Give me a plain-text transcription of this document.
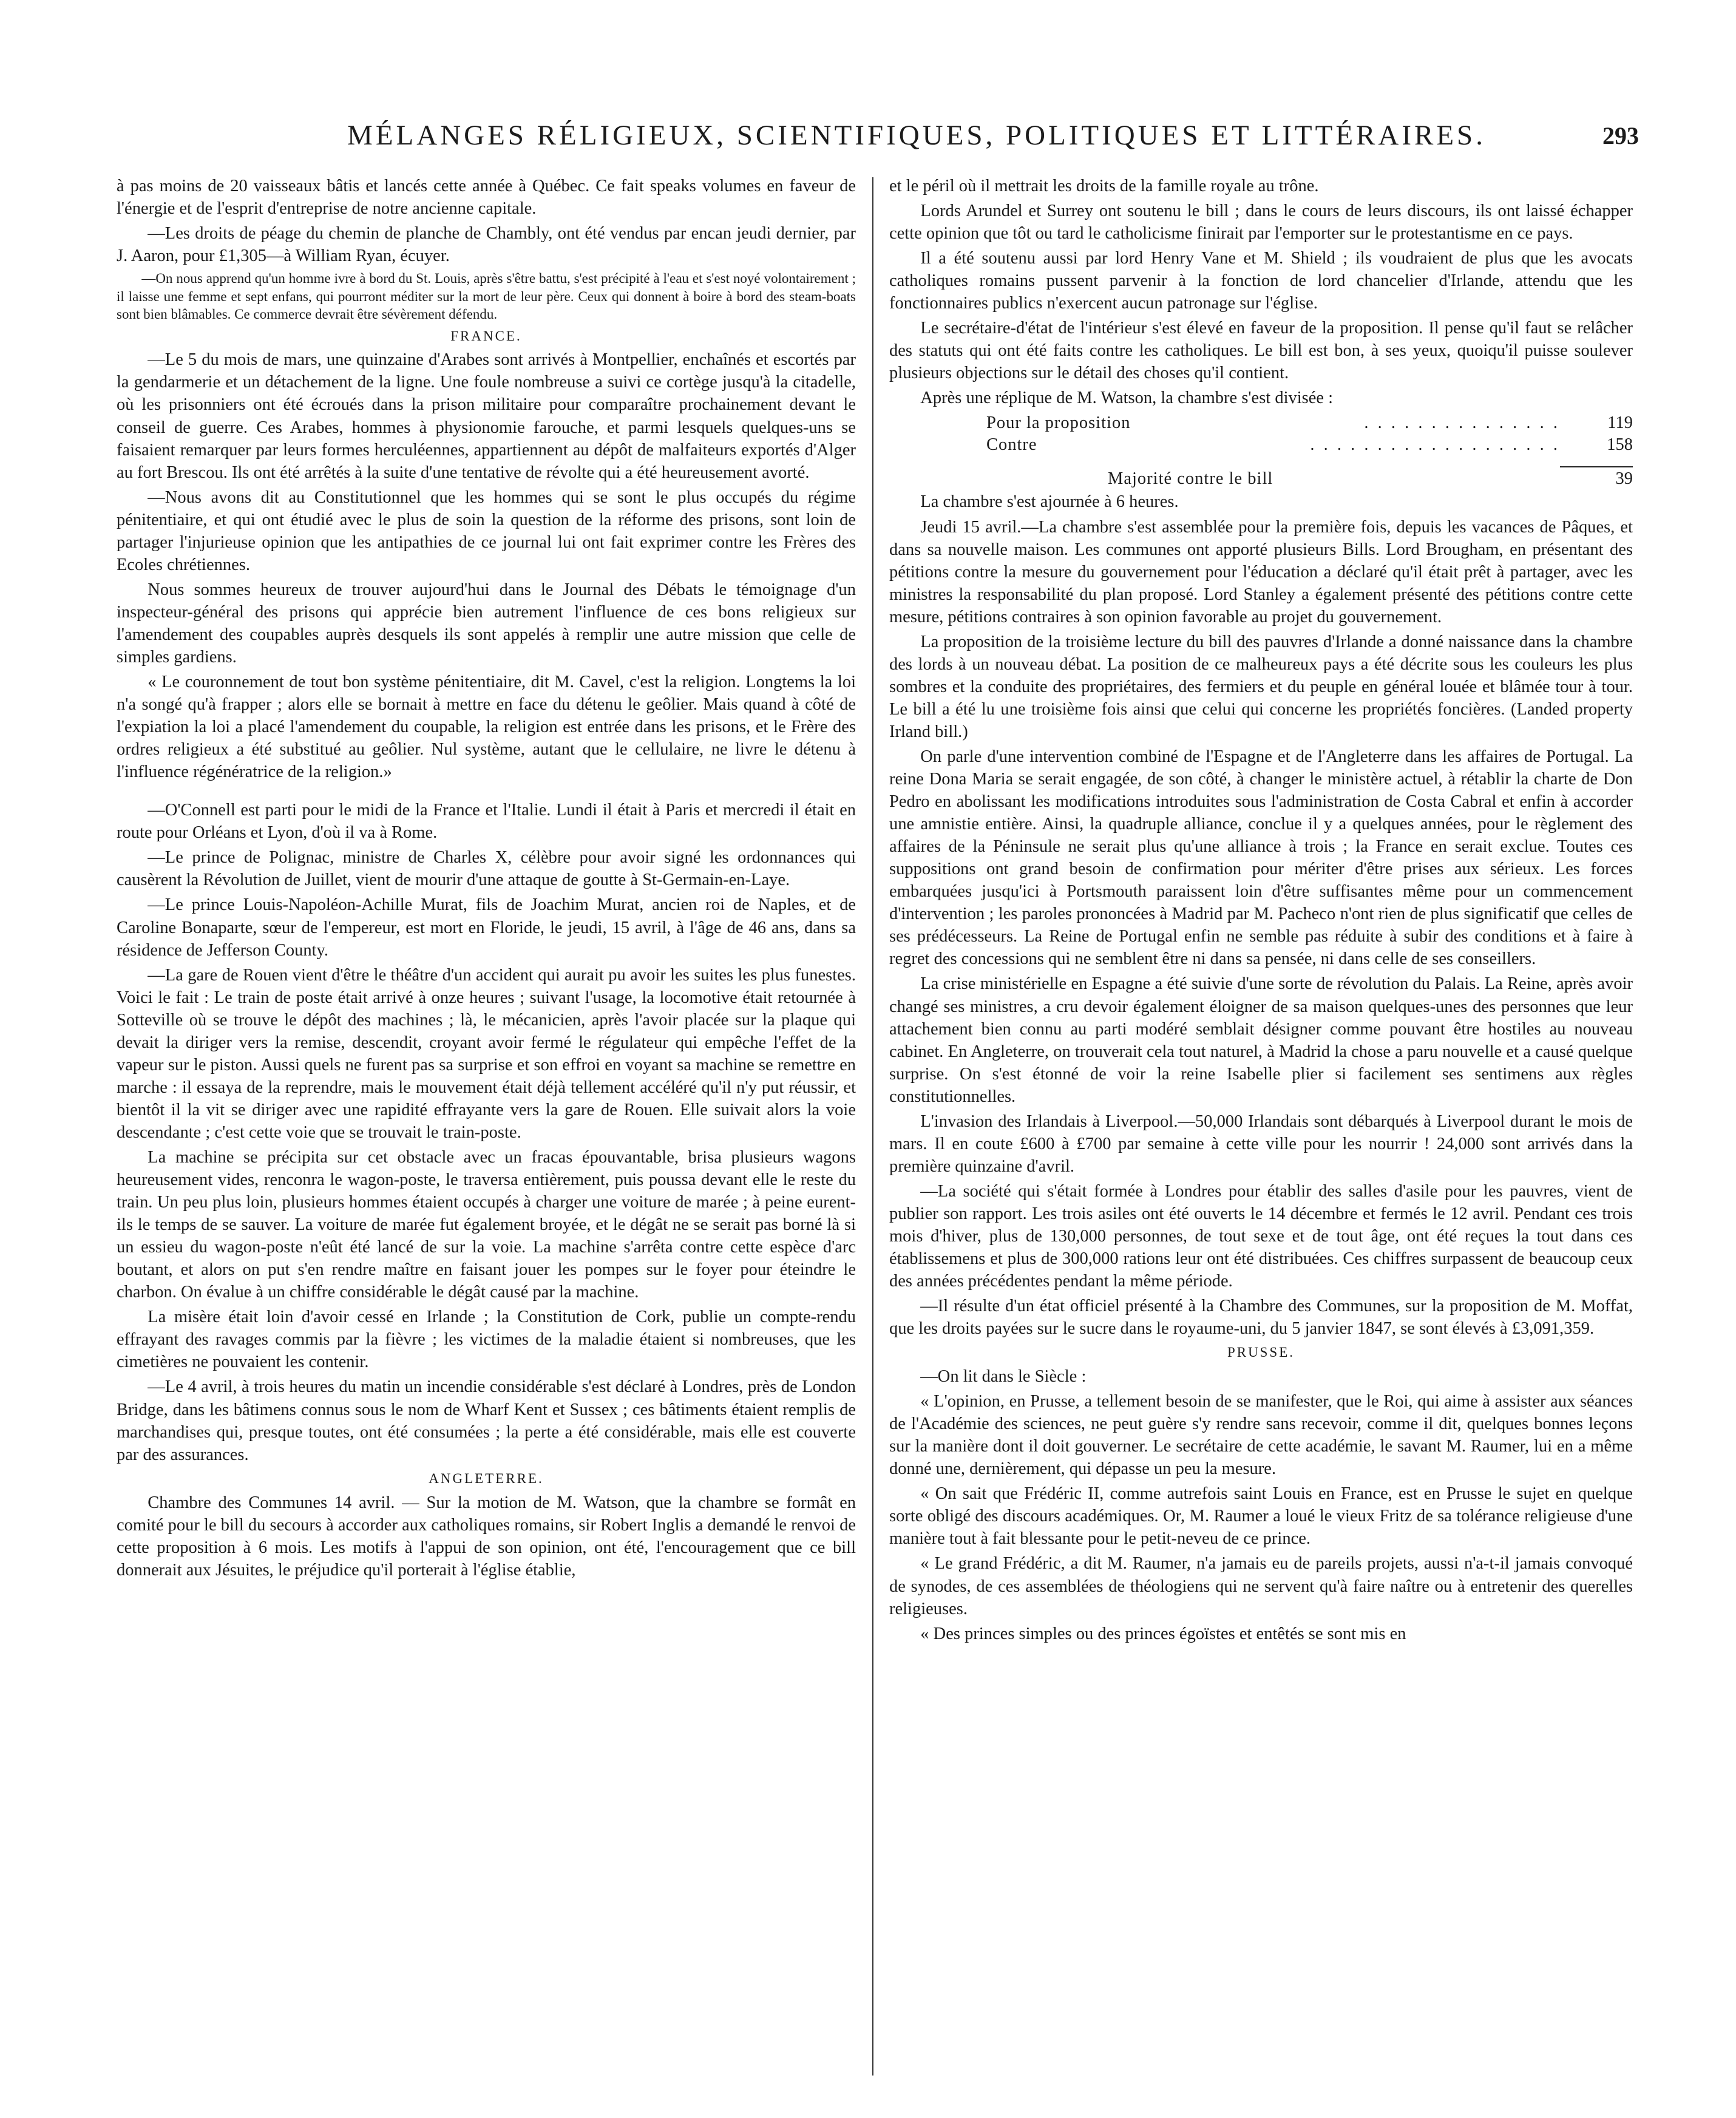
MÉLANGES RÉLIGIEUX, SCIENTIFIQUES, POLITIQUES ET LITTÉRAIRES.	293

à pas moins de 20 vaisseaux bâtis et lancés cette année à Québec. Ce fait speaks volumes en faveur de l'énergie et de l'esprit d'entreprise de notre ancienne capitale.

—Les droits de péage du chemin de planche de Chambly, ont été vendus par encan jeudi dernier, par J. Aaron, pour £1,305—à William Ryan, écuyer.

—On nous apprend qu'un homme ivre à bord du St. Louis, après s'être battu, s'est précipité à l'eau et s'est noyé volontairement ; il laisse une femme et sept enfans, qui pourront méditer sur la mort de leur père. Ceux qui donnent à boire à bord des steam-boats sont bien blâmables. Ce commerce devrait être sévèrement défendu.

FRANCE.

—Le 5 du mois de mars, une quinzaine d'Arabes sont arrivés à Montpellier, enchaînés et escortés par la gendarmerie et un détachement de la ligne. Une foule nombreuse a suivi ce cortège jusqu'à la citadelle, où les prisonniers ont été écroués dans la prison militaire pour comparaître prochainement devant le conseil de guerre. Ces Arabes, hommes à physionomie farouche, et parmi lesquels quelques-uns se faisaient remarquer par leurs formes herculéennes, appartiennent au dépôt de malfaiteurs exportés d'Alger au fort Brescou. Ils ont été arrêtés à la suite d'une tentative de révolte qui a été heureusement avorté.

—Nous avons dit au Constitutionnel que les hommes qui se sont le plus occupés du régime pénitentiaire, et qui ont étudié avec le plus de soin la question de la réforme des prisons, sont loin de partager l'injurieuse opinion que les antipathies de ce journal lui ont fait exprimer contre les Frères des Ecoles chrétiennes.

Nous sommes heureux de trouver aujourd'hui dans le Journal des Débats le témoignage d'un inspecteur-général des prisons qui apprécie bien autrement l'influence de ces bons religieux sur l'amendement des coupables auprès desquels ils sont appelés à remplir une autre mission que celle de simples gardiens.

« Le couronnement de tout bon système pénitentiaire, dit M. Cavel, c'est la religion. Longtems la loi n'a songé qu'à frapper ; alors elle se bornait à mettre en face du détenu le geôlier. Mais quand à côté de l'expiation la loi a placé l'amendement du coupable, la religion est entrée dans les prisons, et le Frère des ordres religieux a été substitué au geôlier. Nul système, autant que le cellulaire, ne livre le détenu à l'influence régénératrice de la religion.»

—O'Connell est parti pour le midi de la France et l'Italie. Lundi il était à Paris et mercredi il était en route pour Orléans et Lyon, d'où il va à Rome.

—Le prince de Polignac, ministre de Charles X, célèbre pour avoir signé les ordonnances qui causèrent la Révolution de Juillet, vient de mourir d'une attaque de goutte à St-Germain-en-Laye.

—Le prince Louis-Napoléon-Achille Murat, fils de Joachim Murat, ancien roi de Naples, et de Caroline Bonaparte, sœur de l'empereur, est mort en Floride, le jeudi, 15 avril, à l'âge de 46 ans, dans sa résidence de Jefferson County.

—La gare de Rouen vient d'être le théâtre d'un accident qui aurait pu avoir les suites les plus funestes. Voici le fait : Le train de poste était arrivé à onze heures ; suivant l'usage, la locomotive était retournée à Sotteville où se trouve le dépôt des machines ; là, le mécanicien, après l'avoir placée sur la plaque qui devait la diriger vers la remise, descendit, croyant avoir fermé le régulateur qui empêche l'effet de la vapeur sur le piston. Aussi quels ne furent pas sa surprise et son effroi en voyant sa machine se remettre en marche : il essaya de la reprendre, mais le mouvement était déjà tellement accéléré qu'il n'y put réussir, et bientôt il la vit se diriger avec une rapidité effrayante vers la gare de Rouen. Elle suivait alors la voie descendante ; c'est cette voie que se trouvait le train-poste.

La machine se précipita sur cet obstacle avec un fracas épouvantable, brisa plusieurs wagons heureusement vides, renconra le wagon-poste, le traversa entièrement, puis poussa devant elle le reste du train. Un peu plus loin, plusieurs hommes étaient occupés à charger une voiture de marée ; à peine eurent-ils le temps de se sauver. La voiture de marée fut également broyée, et le dégât ne se serait pas borné là si un essieu du wagon-poste n'eût été lancé de sur la voie. La machine s'arrêta contre cette espèce d'arc boutant, et alors on put s'en rendre maître en faisant jouer les pompes sur le foyer pour éteindre le charbon. On évalue à un chiffre considérable le dégât causé par la machine.

La misère était loin d'avoir cessé en Irlande ; la Constitution de Cork, publie un compte-rendu effrayant des ravages commis par la fièvre ; les victimes de la maladie étaient si nombreuses, que les cimetières ne pouvaient les contenir.

—Le 4 avril, à trois heures du matin un incendie considérable s'est déclaré à Londres, près de London Bridge, dans les bâtimens connus sous le nom de Wharf Kent et Sussex ; ces bâtiments étaient remplis de marchandises qui, presque toutes, ont été consumées ; la perte a été considérable, mais elle est couverte par des assurances.

ANGLETERRE.

Chambre des Communes 14 avril. — Sur la motion de M. Watson, que la chambre se formât en comité pour le bill du secours à accorder aux catholiques romains, sir Robert Inglis a demandé le renvoi de cette proposition à 6 mois. Les motifs à l'appui de son opinion, ont été, l'encouragement que ce bill donnerait aux Jésuites, le préjudice qu'il porterait à l'église établie,

et le péril où il mettrait les droits de la famille royale au trône.

Lords Arundel et Surrey ont soutenu le bill ; dans le cours de leurs discours, ils ont laissé échapper cette opinion que tôt ou tard le catholicisme finirait par l'emporter sur le protestantisme en ce pays.

Il a été soutenu aussi par lord Henry Vane et M. Shield ; ils voudraient de plus que les avocats catholiques romains pussent parvenir à la fonction de lord chancelier d'Irlande, attendu que les fonctionnaires publics n'exercent aucun patronage sur l'église.

Le secrétaire-d'état de l'intérieur s'est élevé en faveur de la proposition. Il pense qu'il faut se relâcher des statuts qui ont été faits contre les catholiques. Le bill est bon, à ses yeux, quoiqu'il puisse soulever plusieurs objections sur le détail des choses qu'il contient.

Après une réplique de M. Watson, la chambre s'est divisée :

Pour la proposition	. . . . . . . . . . . . . . .	119
Contre	. . . . . . . . . . . . . . . . . . .	158
Majorité contre le bill	39

La chambre s'est ajournée à 6 heures.

Jeudi 15 avril.—La chambre s'est assemblée pour la première fois, depuis les vacances de Pâques, et dans sa nouvelle maison. Les communes ont apporté plusieurs Bills. Lord Brougham, en présentant des pétitions contre la mesure du gouvernement pour l'éducation a déclaré qu'il était prêt à partager, avec les ministres la responsabilité du plan proposé. Lord Stanley a également présenté des pétitions contre cette mesure, pétitions contraires à son opinion favorable au projet du gouvernement.

La proposition de la troisième lecture du bill des pauvres d'Irlande a donné naissance dans la chambre des lords à un nouveau débat. La position de ce malheureux pays a été décrite sous les couleurs les plus sombres et la conduite des propriétaires, des fermiers et du peuple en général louée et blâmée tour à tour. Le bill a été lu une troisième fois ainsi que celui qui concerne les propriétés foncières. (Landed property Irland bill.)

On parle d'une intervention combiné de l'Espagne et de l'Angleterre dans les affaires de Portugal. La reine Dona Maria se serait engagée, de son côté, à changer le ministère actuel, à rétablir la charte de Don Pedro en abolissant les modifications introduites sous l'administration de Costa Cabral et enfin à accorder une amnistie entière. Ainsi, la quadruple alliance, conclue il y a quelques années, pour le règlement des affaires de la Péninsule ne serait plus qu'une alliance à trois ; la France en serait exclue. Toutes ces suppositions ont grand besoin de confirmation pour mériter d'être prises aux sérieux. Les forces embarquées jusqu'ici à Portsmouth paraissent loin d'être suffisantes même pour un commencement d'intervention ; les paroles prononcées à Madrid par M. Pacheco n'ont rien de plus significatif que celles de ses prédécesseurs. La Reine de Portugal enfin ne semble pas réduite à subir des conditions et à faire à regret des concessions qui ne semblent être ni dans sa pensée, ni dans celle de ses conseillers.

La crise ministérielle en Espagne a été suivie d'une sorte de révolution du Palais. La Reine, après avoir changé ses ministres, a cru devoir également éloigner de sa maison quelques-unes des personnes que leur attachement bien connu au parti modéré semblait désigner comme pouvant être hostiles au nouveau cabinet. En Angleterre, on trouverait cela tout naturel, à Madrid la chose a paru nouvelle et a causé quelque surprise. On s'est étonné de voir la reine Isabelle plier si facilement ses sentimens aux règles constitutionnelles.

L'invasion des Irlandais à Liverpool.—50,000 Irlandais sont débarqués à Liverpool durant le mois de mars. Il en coute £600 à £700 par semaine à cette ville pour les nourrir ! 24,000 sont arrivés dans la première quinzaine d'avril.

—La société qui s'était formée à Londres pour établir des salles d'asile pour les pauvres, vient de publier son rapport. Les trois asiles ont été ouverts le 14 décembre et fermés le 12 avril. Pendant ces trois mois d'hiver, plus de 130,000 personnes, de tout sexe et de tout âge, ont été reçues la tout dans ces établissemens et plus de 300,000 rations leur ont été distribuées. Ces chiffres surpassent de beaucoup ceux des années précédentes pendant la même période.

—Il résulte d'un état officiel présenté à la Chambre des Communes, sur la proposition de M. Moffat, que les droits payées sur le sucre dans le royaume-uni, du 5 janvier 1847, se sont élevés à £3,091,359.

PRUSSE.

—On lit dans le Siècle :

« L'opinion, en Prusse, a tellement besoin de se manifester, que le Roi, qui aime à assister aux séances de l'Académie des sciences, ne peut guère s'y rendre sans recevoir, comme il dit, quelques bonnes leçons sur la manière dont il doit gouverner. Le secrétaire de cette académie, le savant M. Raumer, lui en a même donné une, dernièrement, qui dépasse un peu la mesure.

« On sait que Frédéric II, comme autrefois saint Louis en France, est en Prusse le sujet en quelque sorte obligé des discours académiques. Or, M. Raumer a loué le vieux Fritz de sa tolérance religieuse d'une manière tout à fait blessante pour le petit-neveu de ce prince.

« Le grand Frédéric, a dit M. Raumer, n'a jamais eu de pareils projets, aussi n'a-t-il jamais convoqué de synodes, de ces assemblées de théologiens qui ne servent qu'à faire naître ou à entretenir des querelles religieuses.

« Des princes simples ou des princes égoïstes et entêtés se sont mis en
